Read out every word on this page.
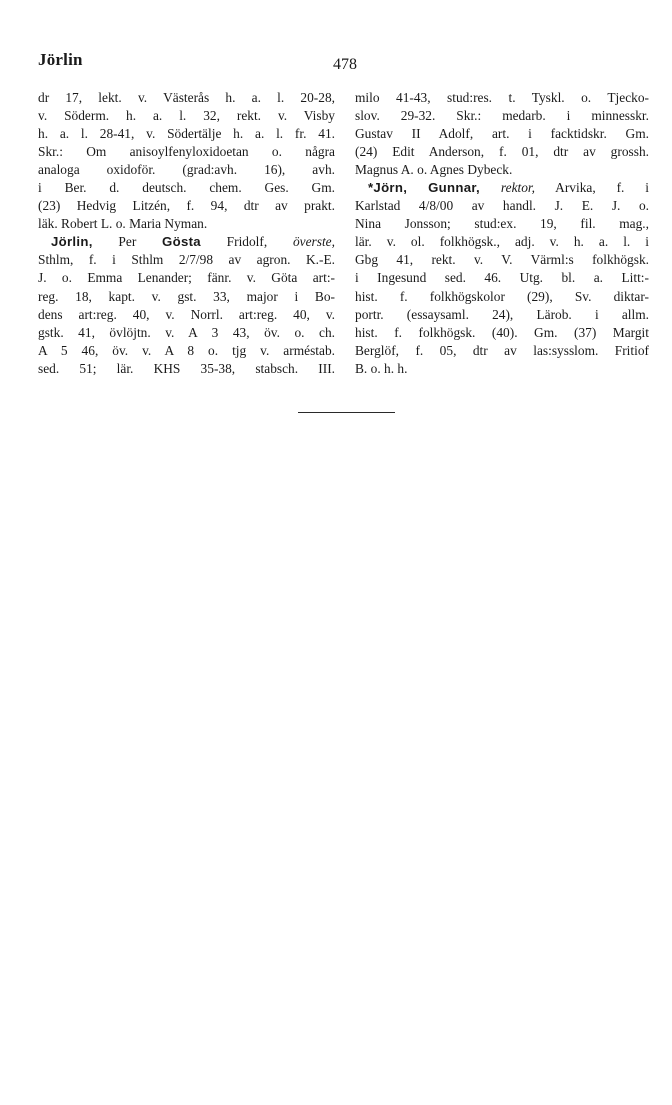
Jörlin	478
dr 17, lekt. v. Västerås h. a. l. 20-28,
v. Söderm. h. a. l. 32, rekt. v. Visby
h. a. l. 28-41, v. Södertälje h. a. l. fr. 41.
Skr.: Om anisoylfenyloxidoetan o. några
analoga oxidoför. (grad:avh. 16), avh.
i Ber. d. deutsch. chem. Ges. Gm.
(23) Hedvig Litzén, f. 94, dtr av prakt.
läk. Robert L. o. Maria Nyman.
Jörlin, Per Gösta Fridolf, överste,
Sthlm, f. i Sthlm 2/7/98 av agron. K.-E.
J. o. Emma Lenander; fänr. v. Göta art:-
reg. 18, kapt. v. gst. 33, major i Bo-
dens art:reg. 40, v. Norrl. art:reg. 40, v.
gstk. 41, övlöjtn. v. A 3 43, öv. o. ch.
A 5 46, öv. v. A 8 o. tjg v. arméstab.
sed. 51; lär. KHS 35-38, stabsch. III.
milo 41-43, stud:res. t. Tyskl. o. Tjecko-
slov. 29-32. Skr.: medarb. i minnesskr.
Gustav II Adolf, art. i facktidskr. Gm.
(24) Edit Anderson, f. 01, dtr av grossh.
Magnus A. o. Agnes Dybeck.
*Jörn, Gunnar, rektor, Arvika, f. i
Karlstad 4/8/00 av handl. J. E. J. o.
Nina Jonsson; stud:ex. 19, fil. mag.,
lär. v. ol. folkhögsk., adj. v. h. a. l. i
Gbg 41, rekt. v. V. Värml:s folkhögsk.
i Ingesund sed. 46. Utg. bl. a. Litt:-
hist. f. folkhögskolor (29), Sv. diktar-
portr. (essaysaml. 24), Lärob. i allm.
hist. f. folkhögsk. (40). Gm. (37) Margit
Berglöf, f. 05, dtr av las:sysslom. Fritiof
B. o. h. h.
